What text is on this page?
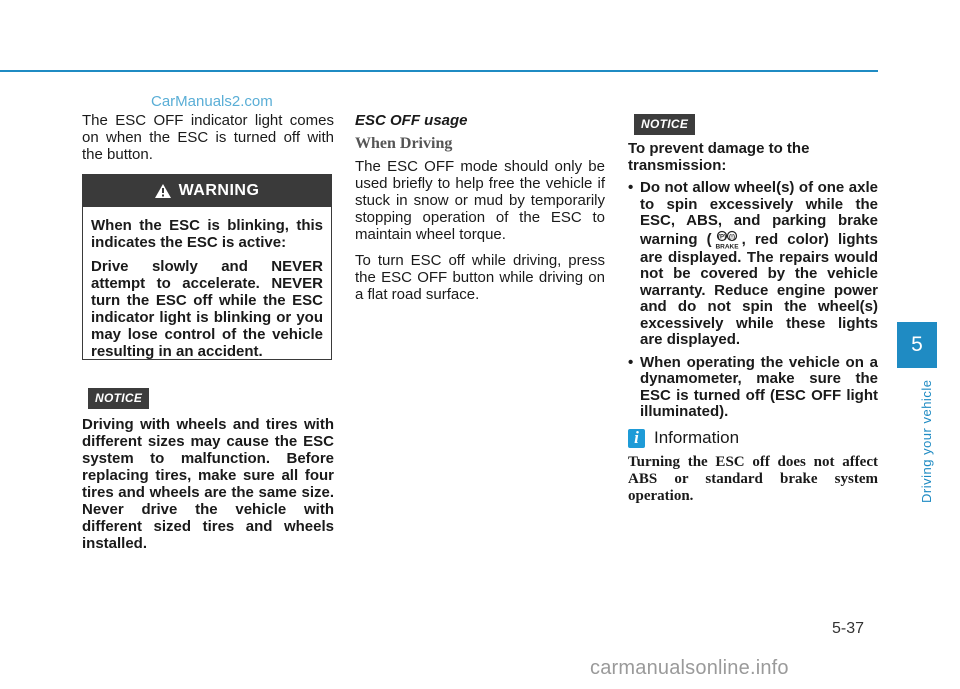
CarManuals2.com

The ESC OFF indicator light comes on when the ESC is turned off with the button.

WARNING

When the ESC is blinking, this indicates the ESC is active:

Drive slowly and NEVER attempt to accelerate. NEVER turn the ESC off while the ESC indicator light is blinking or you may lose control of the vehicle resulting in an accident.

NOTICE
Driving with wheels and tires with different sizes may cause the ESC system to malfunction. Before replacing tires, make sure all four tires and wheels are the same size. Never drive the vehicle with different sized tires and wheels installed.

ESC OFF usage

When Driving

The ESC OFF mode should only be used briefly to help free the vehicle if stuck in snow or mud by temporarily stopping operation of the ESC to maintain wheel torque.

To turn ESC off while driving, press the ESC OFF button while driving on a flat road surface.

NOTICE

To prevent damage to the transmission:

• Do not allow wheel(s) of one axle to spin excessively while the ESC, ABS, and parking brake warning ( (P) (!)
BRAKE , red color) lights are displayed. The repairs would not be covered by the vehicle warranty. Reduce engine power and do not spin the wheel(s) excessively while these lights are displayed.
• When operating the vehicle on a dynamometer, make sure the ESC is turned off (ESC OFF light illuminated).
i Information
Turning the ESC off does not affect ABS or standard brake system operation.
5
Driving your vehicle
5-37
carmanualsonline.info
